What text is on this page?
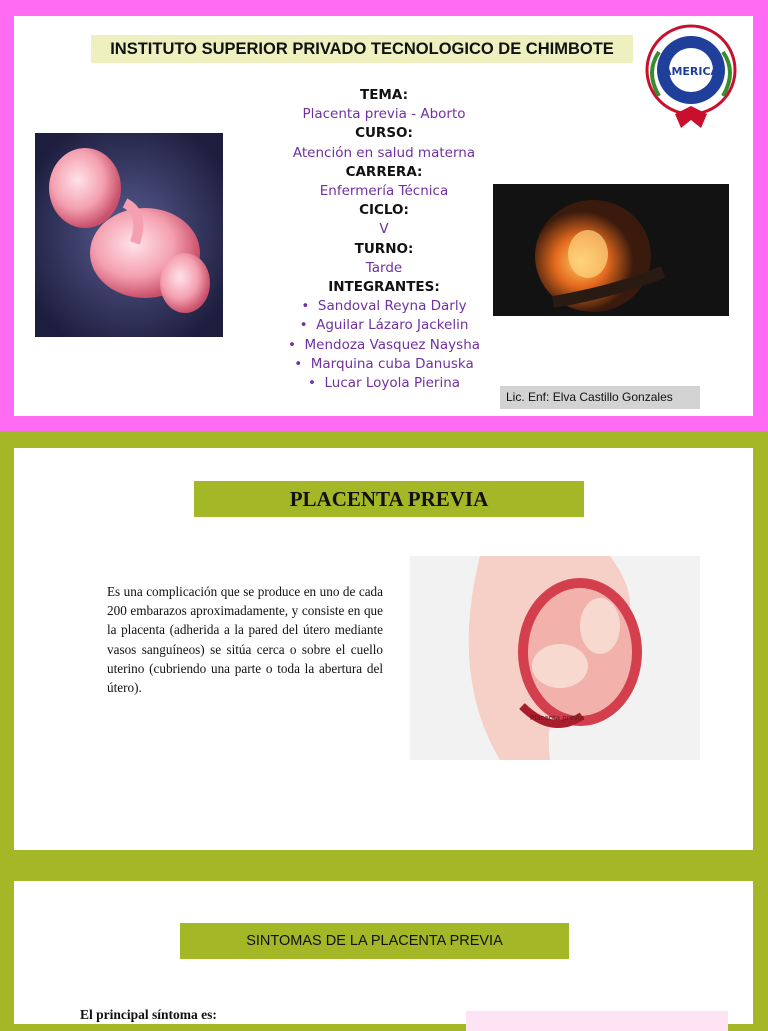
INSTITUTO SUPERIOR PRIVADO TECNOLOGICO DE CHIMBOTE
AMERICA
TEMA:
Placenta previa - Aborto
CURSO:
Atención en salud materna
CARRERA:
Enfermería Técnica
CICLO:
V
TURNO:
Tarde
INTEGRANTES:
•  Sandoval Reyna Darly
•  Aguilar Lázaro Jackelin
•  Mendoza Vasquez Naysha
•  Marquina cuba Danuska
•  Lucar Loyola Pierina
Lic. Enf: Elva Castillo Gonzales
PLACENTA PREVIA
Es una complicación que se produce en uno de cada 200 embarazos aproximadamente, y consiste en que la placenta (adherida a la pared del útero mediante vasos sanguíneos) se sitúa cerca o sobre el cuello uterino (cubriendo una parte o toda la abertura del útero).
Placenta previa
SINTOMAS DE LA PLACENTA PREVIA
El principal síntoma es:
